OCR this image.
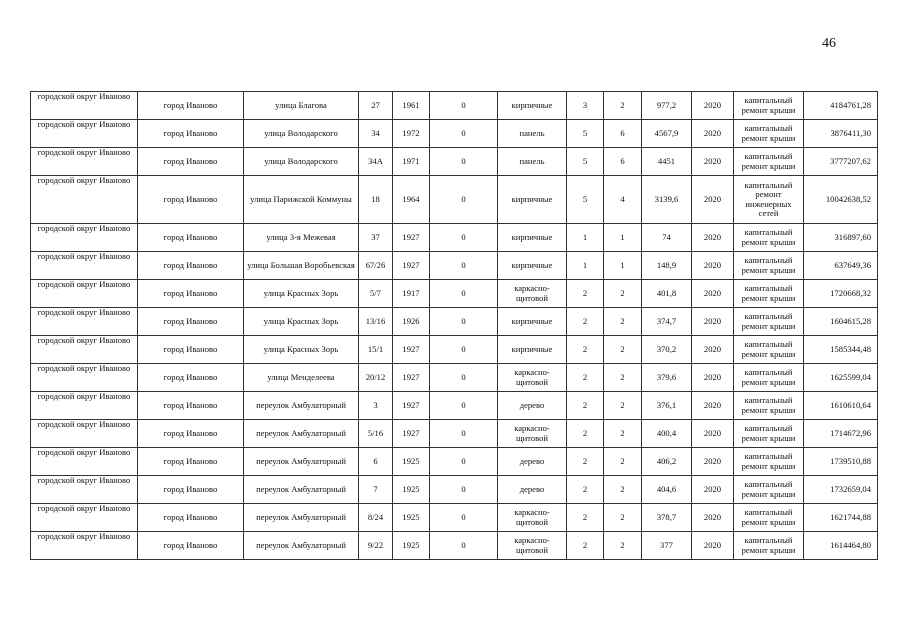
46
городской округ Иваново	город Иваново	улица Благова	27	1961	0	кирпичные	3	2	977,2	2020	капитальный ремонт крыши	4184761,28
городской округ Иваново	город Иваново	улица Володарского	34	1972	0	панель	5	6	4567,9	2020	капитальный ремонт крыши	3876411,30
городской округ Иваново	город Иваново	улица Володарского	34А	1971	0	панель	5	6	4451	2020	капитальный ремонт крыши	3777207,62
городской округ Иваново	город Иваново	улица Парижской Коммуны	18	1964	0	кирпичные	5	4	3139,6	2020	капитальный ремонт инженерных сетей	10042638,52
городской округ Иваново	город Иваново	улица 3-я Межевая	37	1927	0	кирпичные	1	1	74	2020	капитальный ремонт крыши	316897,60
городской округ Иваново	город Иваново	улица Большая Воробьевская	67/26	1927	0	кирпичные	1	1	148,9	2020	капитальный ремонт крыши	637649,36
городской округ Иваново	город Иваново	улица Красных Зорь	5/7	1917	0	каркасно-щитовой	2	2	401,8	2020	капитальный ремонт крыши	1720668,32
городской округ Иваново	город Иваново	улица Красных Зорь	13/16	1926	0	кирпичные	2	2	374,7	2020	капитальный ремонт крыши	1604615,28
городской округ Иваново	город Иваново	улица Красных Зорь	15/1	1927	0	кирпичные	2	2	370,2	2020	капитальный ремонт крыши	1585344,48
городской округ Иваново	город Иваново	улица Менделеева	20/12	1927	0	каркасно-щитовой	2	2	379,6	2020	капитальный ремонт крыши	1625599,04
городской округ Иваново	город Иваново	переулок Амбулаторный	3	1927	0	дерево	2	2	376,1	2020	капитальный ремонт крыши	1610610,64
городской округ Иваново	город Иваново	переулок Амбулаторный	5/16	1927	0	каркасно-щитовой	2	2	400,4	2020	капитальный ремонт крыши	1714672,96
городской округ Иваново	город Иваново	переулок Амбулаторный	6	1925	0	дерево	2	2	406,2	2020	капитальный ремонт крыши	1739510,88
городской округ Иваново	город Иваново	переулок Амбулаторный	7	1925	0	дерево	2	2	404,6	2020	капитальный ремонт крыши	1732659,04
городской округ Иваново	город Иваново	переулок Амбулаторный	8/24	1925	0	каркасно-щитовой	2	2	378,7	2020	капитальный ремонт крыши	1621744,88
городской округ Иваново	город Иваново	переулок Амбулаторный	9/22	1925	0	каркасно-щитовой	2	2	377	2020	капитальный ремонт крыши	1614464,80
